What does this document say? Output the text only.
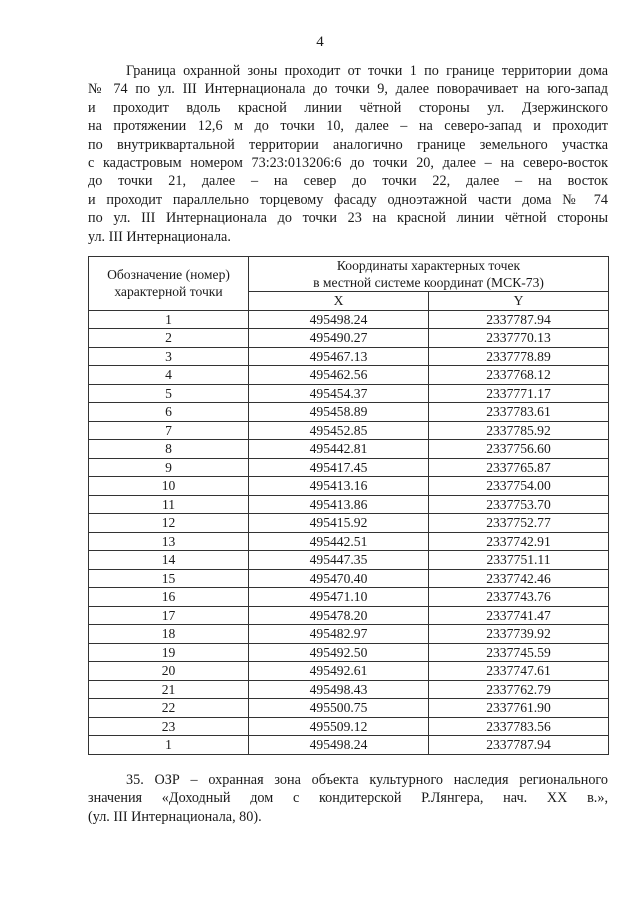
4
Граница охранной зоны проходит от точки 1 по границе территории дома
№ 74 по ул. III Интернационала до точки 9, далее поворачивает на юго-запад
и проходит вдоль красной линии чётной стороны ул. Дзержинского
на протяжении 12,6 м до точки 10, далее – на северо-запад и проходит
по внутриквартальной территории аналогично границе земельного участка
с кадастровым номером 73:23:013206:6 до точки 20, далее – на северо-восток
до точки 21, далее – на север до точки 22, далее – на восток
и проходит параллельно торцевому фасаду одноэтажной части дома № 74
по ул. III Интернационала до точки 23 на красной линии чётной стороны
ул. III Интернационала.
Обозначение (номер)
характерной точки	Координаты характерных точек
в местной системе координат (МСК-73)	
	X	Y
1	495498.24	2337787.94
2	495490.27	2337770.13
3	495467.13	2337778.89
4	495462.56	2337768.12
5	495454.37	2337771.17
6	495458.89	2337783.61
7	495452.85	2337785.92
8	495442.81	2337756.60
9	495417.45	2337765.87
10	495413.16	2337754.00
11	495413.86	2337753.70
12	495415.92	2337752.77
13	495442.51	2337742.91
14	495447.35	2337751.11
15	495470.40	2337742.46
16	495471.10	2337743.76
17	495478.20	2337741.47
18	495482.97	2337739.92
19	495492.50	2337745.59
20	495492.61	2337747.61
21	495498.43	2337762.79
22	495500.75	2337761.90
23	495509.12	2337783.56
1	495498.24	2337787.94
35. ОЗР – охранная зона объекта культурного наследия регионального
значения «Доходный дом с кондитерской Р.Лянгера, нач. XX в.»,
(ул. III Интернационала, 80).
